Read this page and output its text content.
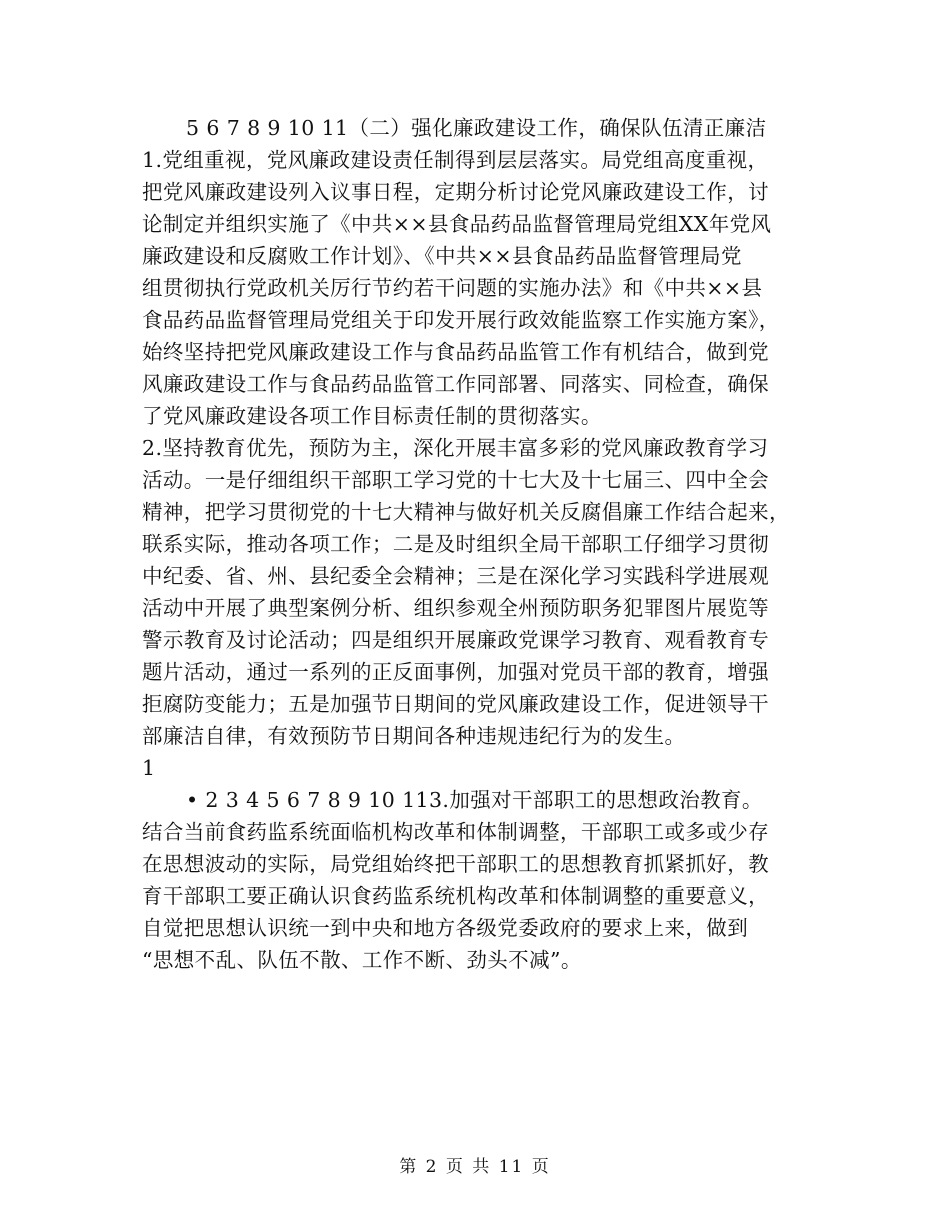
5 6 7 8 9 10 11（二）强化廉政建设工作，确保队伍清正廉洁
1.党组重视，党风廉政建设责任制得到层层落实。局党组高度重视，
把党风廉政建设列入议事日程，定期分析讨论党风廉政建设工作，讨
论制定并组织实施了《中共××县食品药品监督管理局党组XX年党风
廉政建设和反腐败工作计划》、《中共××县食品药品监督管理局党
组贯彻执行党政机关厉行节约若干问题的实施办法》和《中共××县
食品药品监督管理局党组关于印发开展行政效能监察工作实施方案》，
始终坚持把党风廉政建设工作与食品药品监管工作有机结合，做到党
风廉政建设工作与食品药品监管工作同部署、同落实、同检查，确保
了党风廉政建设各项工作目标责任制的贯彻落实。
2.坚持教育优先，预防为主，深化开展丰富多彩的党风廉政教育学习
活动。一是仔细组织干部职工学习党的十七大及十七届三、四中全会
精神，把学习贯彻党的十七大精神与做好机关反腐倡廉工作结合起来，
联系实际，推动各项工作；二是及时组织全局干部职工仔细学习贯彻
中纪委、省、州、县纪委全会精神；三是在深化学习实践科学进展观
活动中开展了典型案例分析、组织参观全州预防职务犯罪图片展览等
警示教育及讨论活动；四是组织开展廉政党课学习教育、观看教育专
题片活动，通过一系列的正反面事例，加强对党员干部的教育，增强
拒腐防变能力；五是加强节日期间的党风廉政建设工作，促进领导干
部廉洁自律，有效预防节日期间各种违规违纪行为的发生。
1
• 2 3 4 5 6 7 8 9 10 113.加强对干部职工的思想政治教育。
结合当前食药监系统面临机构改革和体制调整，干部职工或多或少存
在思想波动的实际，局党组始终把干部职工的思想教育抓紧抓好，教
育干部职工要正确认识食药监系统机构改革和体制调整的重要意义，
自觉把思想认识统一到中央和地方各级党委政府的要求上来，做到
“思想不乱、队伍不散、工作不断、劲头不减”。
第 2 页 共 11 页
